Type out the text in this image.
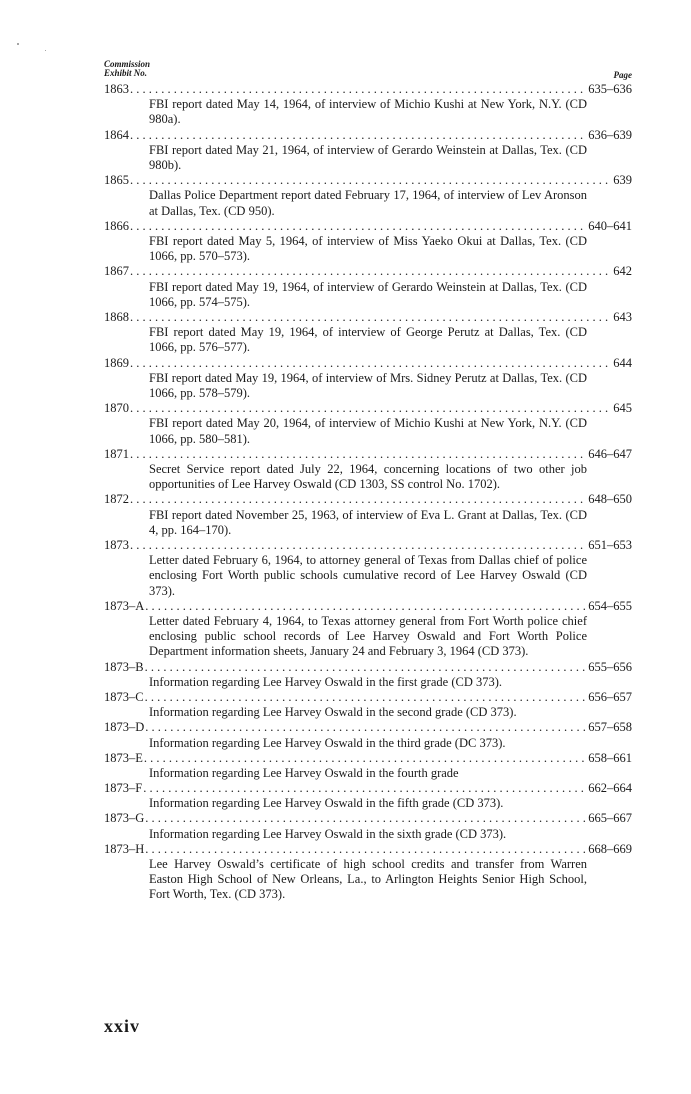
Commission
Exhibit No.	Page
1863 . . .	635–636
FBI report dated May 14, 1964, of interview of Michio Kushi at New York, N.Y. (CD 980a).
1864 . . .	636–639
FBI report dated May 21, 1964, of interview of Gerardo Weinstein at Dallas, Tex. (CD 980b).
1865 . . .	639
Dallas Police Department report dated February 17, 1964, of interview of Lev Aronson at Dallas, Tex. (CD 950).
1866 . . .	640–641
FBI report dated May 5, 1964, of interview of Miss Yaeko Okui at Dallas, Tex. (CD 1066, pp. 570–573).
1867 . . .	642
FBI report dated May 19, 1964, of interview of Gerardo Weinstein at Dallas, Tex. (CD 1066, pp. 574–575).
1868 . . .	643
FBI report dated May 19, 1964, of interview of George Perutz at Dallas, Tex. (CD 1066, pp. 576–577).
1869 . . .	644
FBI report dated May 19, 1964, of interview of Mrs. Sidney Perutz at Dallas, Tex. (CD 1066, pp. 578–579).
1870 . . .	645
FBI report dated May 20, 1964, of interview of Michio Kushi at New York, N.Y. (CD 1066, pp. 580–581).
1871 . . .	646–647
Secret Service report dated July 22, 1964, concerning locations of two other job opportunities of Lee Harvey Oswald (CD 1303, SS control No. 1702).
1872 . . .	648–650
FBI report dated November 25, 1963, of interview of Eva L. Grant at Dallas, Tex. (CD 4, pp. 164–170).
1873 . . .	651–653
Letter dated February 6, 1964, to attorney general of Texas from Dallas chief of police enclosing Fort Worth public schools cumulative record of Lee Harvey Oswald (CD 373).
1873–A . . .	654–655
Letter dated February 4, 1964, to Texas attorney general from Fort Worth police chief enclosing public school records of Lee Harvey Oswald and Fort Worth Police Department information sheets, January 24 and February 3, 1964 (CD 373).
1873–B . . .	655–656
Information regarding Lee Harvey Oswald in the first grade (CD 373).
1873–C . . .	656–657
Information regarding Lee Harvey Oswald in the second grade (CD 373).
1873–D . . .	657–658
Information regarding Lee Harvey Oswald in the third grade (DC 373).
1873–E . . .	658–661
Information regarding Lee Harvey Oswald in the fourth grade
1873–F . . .	662–664
Information regarding Lee Harvey Oswald in the fifth grade (CD 373).
1873–G . . .	665–667
Information regarding Lee Harvey Oswald in the sixth grade (CD 373).
1873–H . . .	668–669
Lee Harvey Oswald’s certificate of high school credits and transfer from Warren Easton High School of New Orleans, La., to Arlington Heights Senior High School, Fort Worth, Tex. (CD 373).
xxiv
